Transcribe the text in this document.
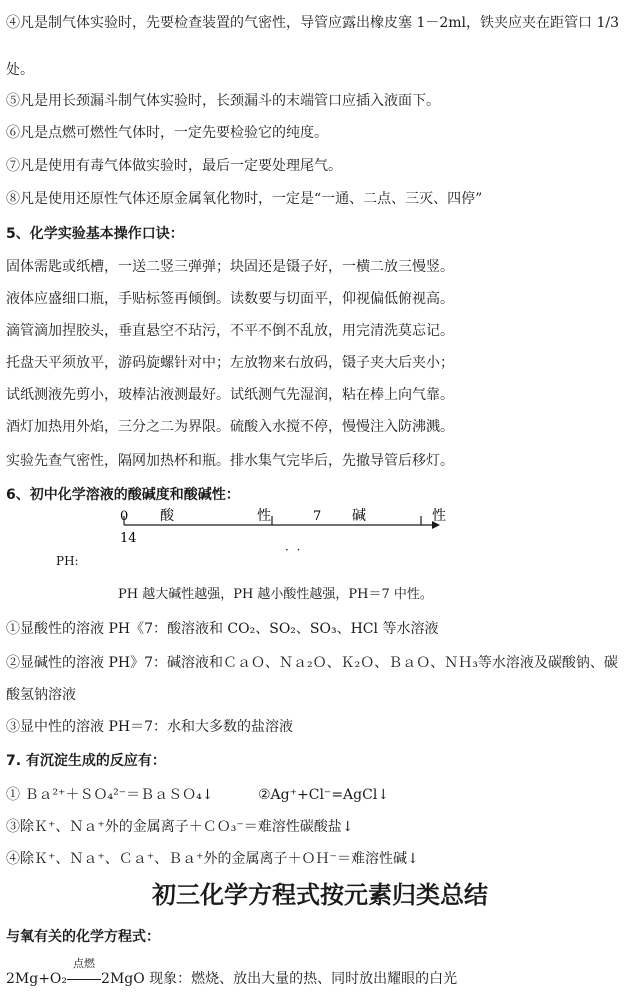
④凡是制气体实验时，先要检查装置的气密性，导管应露出橡皮塞 1－2ml，铁夹应夹在距管口 1/3
处。
⑤凡是用长颈漏斗制气体实验时，长颈漏斗的末端管口应插入液面下。
⑥凡是点燃可燃性气体时，一定先要检验它的纯度。
⑦凡是使用有毒气体做实验时，最后一定要处理尾气。
⑧凡是使用还原性气体还原金属氧化物时，一定是“一通、二点、三灭、四停”
5、化学实验基本操作口诀：
固体需匙或纸槽，一送二竖三弹弹；块固还是镊子好，一横二放三慢竖。
液体应盛细口瓶，手贴标签再倾倒。读数要与切面平，仰视偏低俯视高。
滴管滴加捏胶头，垂直悬空不玷污，不平不倒不乱放，用完清洗莫忘记。
托盘天平须放平，游码旋螺针对中；左放物来右放码，镊子夹大后夹小；
试纸测液先剪小，玻棒沾液测最好。试纸测气先湿润，粘在棒上向气靠。
酒灯加热用外焰，三分之二为界限。硫酸入水搅不停，慢慢注入防沸溅。
实验先查气密性，隔网加热杯和瓶。排水集气完毕后，先撤导管后移灯。
6、初中化学溶液的酸碱度和酸碱性：
0 酸	性	7 碱	性
14
· ·
PH:
PH 越大碱性越强，PH 越小酸性越强，PH＝7 中性。
①显酸性的溶液 PH《7：酸溶液和 CO₂、SO₂、SO₃、HCl 等水溶液
②显碱性的溶液 PH》7：碱溶液和ＣａＯ、Ｎａ₂Ｏ、Ｋ₂Ｏ、ＢａＯ、ＮＨ₃等水溶液及碳酸钠、碳
酸氢钠溶液
③显中性的溶液 PH＝7：水和大多数的盐溶液
7. 有沉淀生成的反应有：
① Ｂａ²⁺＋ＳＯ₄²⁻＝ＢａＳＯ₄↓	②Ag⁺+Cl⁻=AgCl↓
③除Ｋ⁺、Ｎａ⁺外的金属离子＋ＣＯ₃⁻＝难溶性碳酸盐↓
④除Ｋ⁺、Ｎａ⁺、Ｃａ⁺、Ｂａ⁺外的金属离子＋ＯＨ⁻＝难溶性碱↓
初三化学方程式按元素归类总结
与氧有关的化学方程式：
2Mg+O₂
点燃
2MgO 现象：燃烧、放出大量的热、同时放出耀眼的白光
